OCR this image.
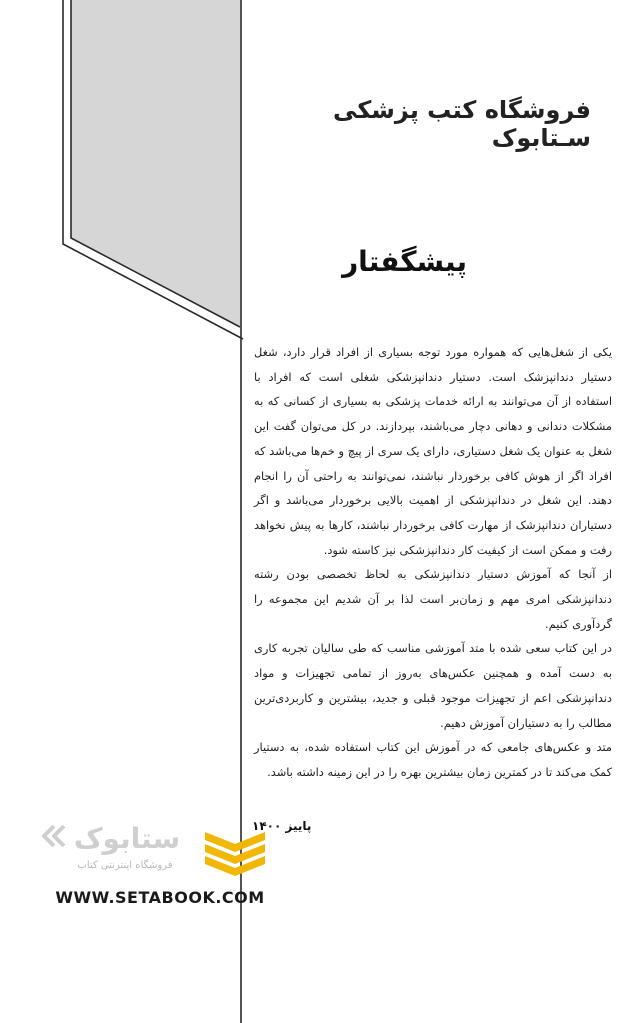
فروشگاه کتب پزشکی سـتابوک
پیشگفتار

یکی از شغل‌هایی که همواره مورد توجه بسیاری از افراد قرار دارد، شغل دستیار دندانپزشک است. دستیار دندانپزشکی شغلی است که افراد با استفاده از آن می‌توانند به ارائه خدمات پزشکی به بسیاری از کسانی که به مشکلات دندانی و دهانی دچار می‌باشند، بپردازند. در کل می‌توان گفت این شغل به عنوان یک شغل دستیاری، دارای یک سری از پیچ و خم‌ها می‌باشد که افراد اگر از هوش کافی برخوردار نباشند، نمی‌توانند به راحتی آن را انجام دهند. این شغل در دندانپزشکی از اهمیت بالایی برخوردار می‌باشد و اگر دستیاران دندانپزشک از مهارت کافی برخوردار نباشند، کارها به پیش نخواهد رفت و ممکن است از کیفیت کار دندانپزشکی نیز کاسته شود.

از آنجا که آموزش دستیار دندانپزشکی به لحاظ تخصصی بودن رشته دندانپزشکی امری مهم و زمان‌بر است لذا بر آن شدیم این مجموعه را گردآوری کنیم.

در این کتاب سعی شده با متد آموزشی مناسب که طی سالیان تجربه کاری به دست آمده و همچنین عکس‌های به‌روز از تمامی تجهیزات و مواد دندانپزشکی اعم از تجهیزات موجود قبلی و جدید، بیشترین و کاربردی‌ترین مطالب را به دستیاران آموزش دهیم.

متد و عکس‌های جامعی که در آموزش این کتاب استفاده شده، به دستیار کمک می‌کند تا در کمترین زمان بیشترین بهره را در این زمینه داشته باشد.

پاییز ۱۴۰۰
ستابوک
فروشگاه اینترنتی کتاب
WWW.SETABOOK.COM
